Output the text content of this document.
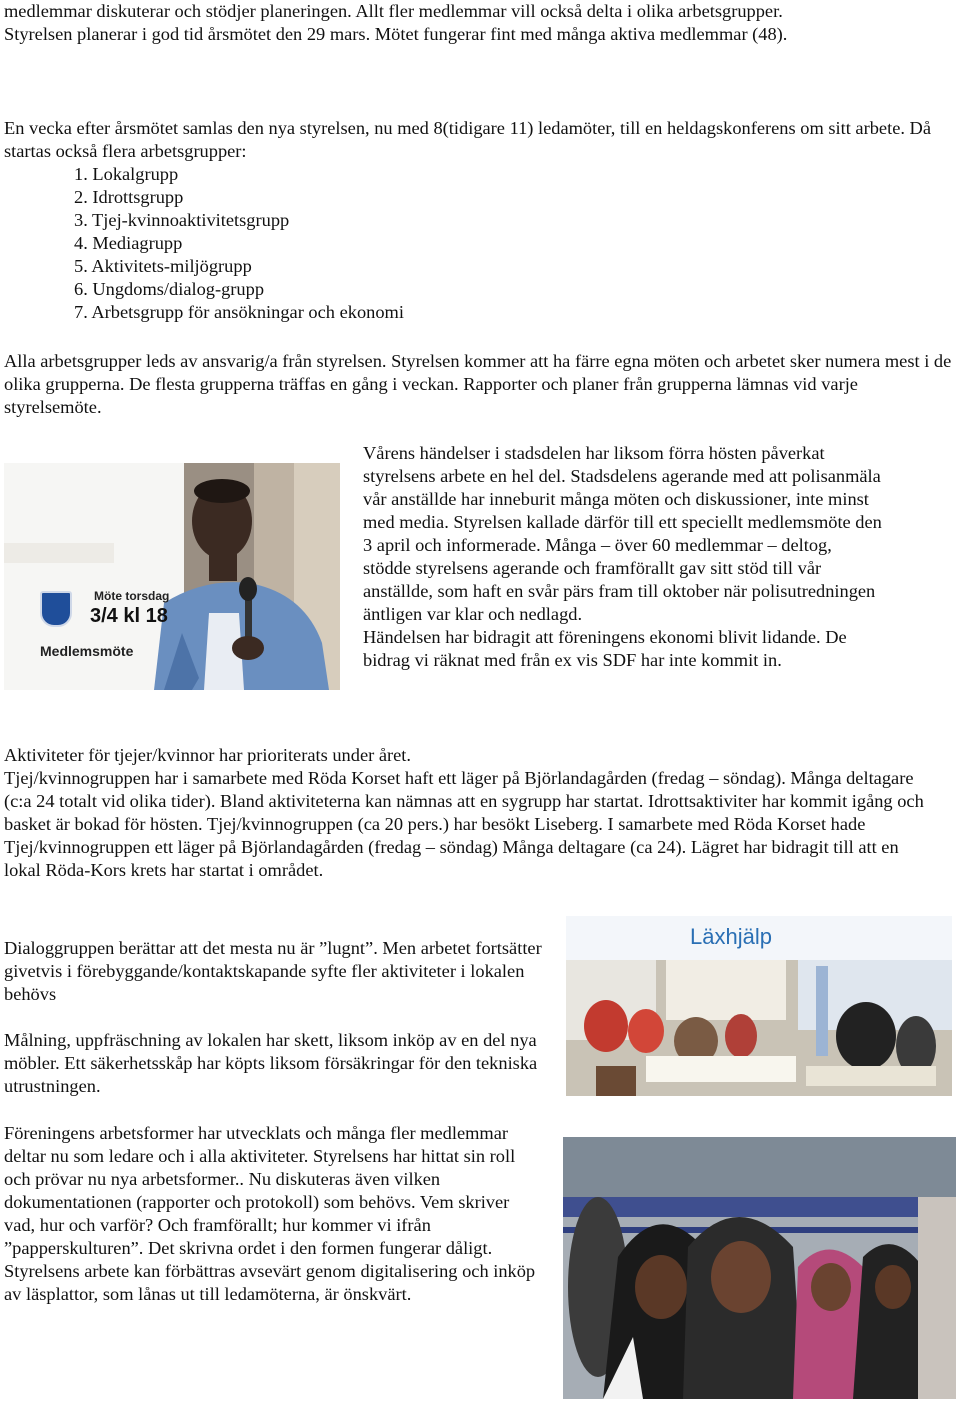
medlemmar diskuterar och stödjer planeringen. Allt fler medlemmar vill också delta i olika arbetsgrupper.

Styrelsen planerar i god tid årsmötet den 29 mars. Mötet fungerar fint med många aktiva medlemmar (48).

En vecka efter årsmötet samlas den nya styrelsen, nu med 8(tidigare 11) ledamöter, till en heldagskonferens om sitt arbete. Då startas också flera arbetsgrupper:

1. Lokalgrupp
2. Idrottsgrupp
3. Tjej-kvinnoaktivitetsgrupp
4. Mediagrupp
5. Aktivitets-miljögrupp
6. Ungdoms/dialog-grupp
7. Arbetsgrupp för ansökningar och ekonomi

Alla arbetsgrupper leds av ansvarig/a från styrelsen. Styrelsen kommer att ha färre egna möten och arbetet sker numera mest i de olika grupperna. De flesta grupperna träffas en gång i veckan. Rapporter och planer från grupperna lämnas vid varje styrelsemöte.

Möte torsdag
3/4 kl 18
Medlemsmöte

Vårens händelser i stadsdelen har liksom förra hösten påverkat styrelsens arbete en hel del. Stadsdelens agerande med att polisanmäla vår anställde har inneburit många möten och diskussioner, inte minst med media. Styrelsen kallade därför till ett speciellt medlemsmöte den 3 april och informerade. Många – över 60 medlemmar – deltog, stödde styrelsens agerande och framförallt gav sitt stöd till vår anställde, som haft en svår pärs fram till oktober när polisutredningen äntligen var klar och nedlagd.

Händelsen har bidragit att föreningens ekonomi blivit lidande. De bidrag vi räknat med från ex vis SDF har inte kommit in.

Aktiviteter för tjejer/kvinnor har prioriterats under året.

Tjej/kvinnogruppen har i samarbete med Röda Korset haft ett läger på Björlandagården (fredag – söndag). Många deltagare (c:a 24 totalt vid olika tider). Bland aktiviteterna kan nämnas att en sygrupp har startat. Idrottsaktiviter har kommit igång och basket är bokad för hösten. Tjej/kvinnogruppen (ca 20 pers.) har besökt Liseberg. I samarbete med Röda Korset hade Tjej/kvinnogruppen ett läger på Björlandagården (fredag – söndag) Många deltagare (ca 24). Lägret har bidragit till att en lokal Röda-Kors krets har startat i området.

Läxhjälp

Dialoggruppen berättar att det mesta nu är ”lugnt”. Men arbetet fortsätter givetvis i förebyggande/kontaktskapande syfte fler aktiviteter i lokalen behövs

Målning, uppfräschning av lokalen har skett, liksom inköp av en del nya möbler. Ett säkerhetsskåp har köpts liksom försäkringar för den tekniska utrustningen.

Föreningens arbetsformer har utvecklats och många fler medlemmar deltar nu som ledare och i alla aktiviteter. Styrelsens har hittat sin roll och prövar nu nya arbetsformer.. Nu diskuteras även vilken dokumentationen (rapporter och protokoll) som behövs. Vem skriver vad, hur och varför? Och framförallt; hur kommer vi ifrån ”papperskulturen”. Det skrivna ordet i den formen fungerar dåligt. Styrelsens arbete kan förbättras avsevärt genom digitalisering och inköp av läsplattor, som lånas ut till ledamöterna, är önskvärt.
